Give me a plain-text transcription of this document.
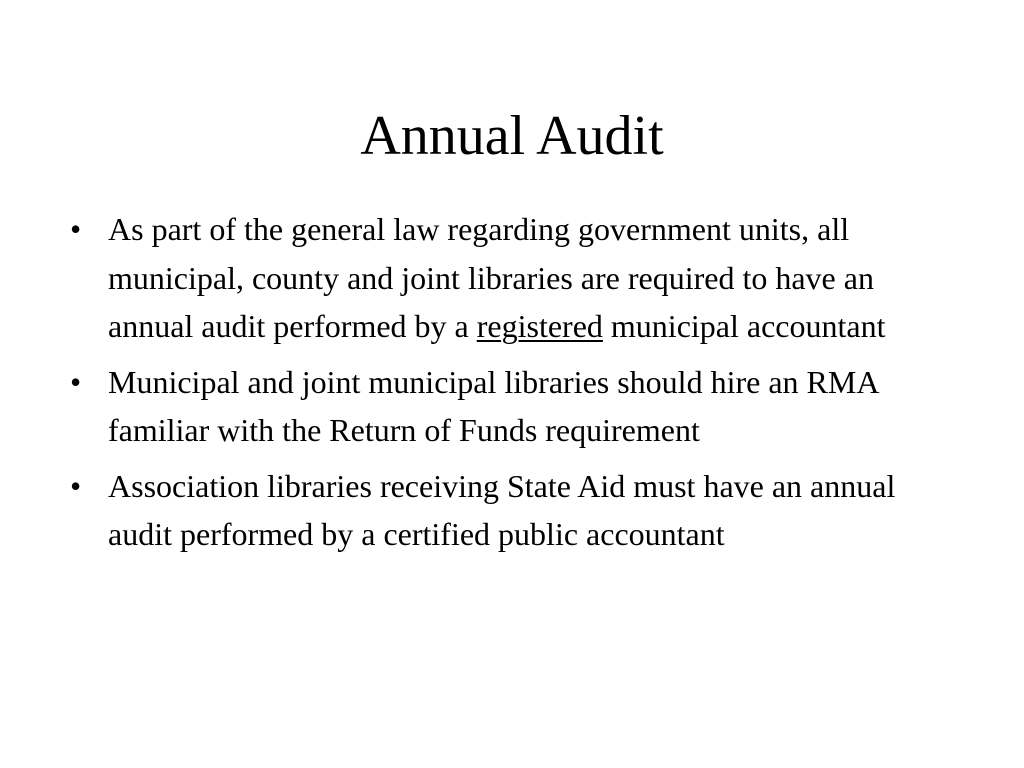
Annual Audit
• As part of the general law regarding government units, all municipal, county and joint libraries are required to have an annual audit performed by a registered municipal accountant
• Municipal and joint municipal libraries should hire an RMA familiar with the Return of Funds requirement
• Association libraries receiving State Aid must have an annual audit performed by a certified public accountant
